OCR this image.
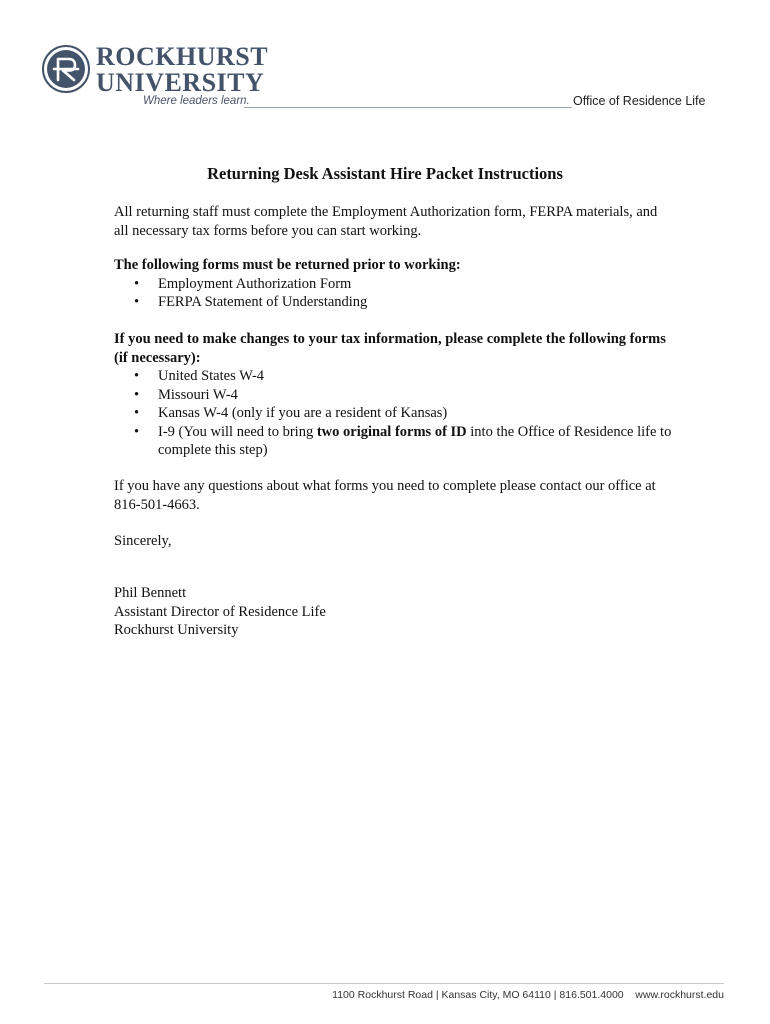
ROCKHURST
UNIVERSITY
Where leaders learn.	Office of Residence Life
Returning Desk Assistant Hire Packet Instructions
All returning staff must complete the Employment Authorization form, FERPA materials, and all necessary tax forms before you can start working.
The following forms must be returned prior to working:
• Employment Authorization Form
• FERPA Statement of Understanding
If you need to make changes to your tax information, please complete the following forms (if necessary):
• United States W-4
• Missouri W-4
• Kansas W-4 (only if you are a resident of Kansas)
• I-9 (You will need to bring two original forms of ID into the Office of Residence life to complete this step)
If you have any questions about what forms you need to complete please contact our office at 816-501-4663.
Sincerely,
Phil Bennett
Assistant Director of Residence Life
Rockhurst University
1100 Rockhurst Road | Kansas City, MO 64110 | 816.501.4000    www.rockhurst.edu
